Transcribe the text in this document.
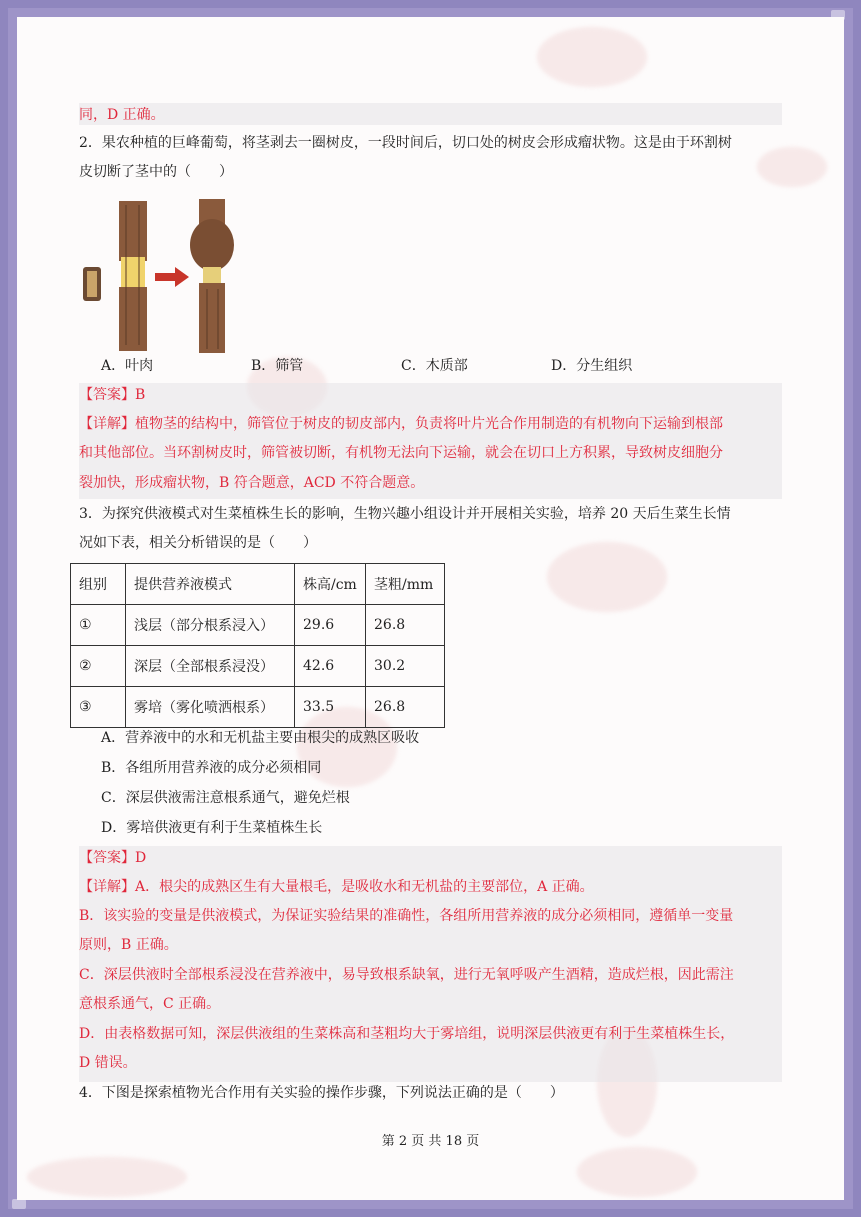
同，D 正确。
2．果农种植的巨峰葡萄，将茎剥去一圈树皮，一段时间后，切口处的树皮会形成瘤状物。这是由于环割树
皮切断了茎中的（　　）
A．叶肉	B．筛管	C．木质部	D．分生组织
【答案】B
【详解】植物茎的结构中，筛管位于树皮的韧皮部内，负责将叶片光合作用制造的有机物向下运输到根部
和其他部位。当环割树皮时，筛管被切断，有机物无法向下运输，就会在切口上方积累，导致树皮细胞分
裂加快，形成瘤状物，B 符合题意，ACD 不符合题意。
3．为探究供液模式对生菜植株生长的影响，生物兴趣小组设计并开展相关实验，培养 20 天后生菜生长情
况如下表，相关分析错误的是（　　）
组别	提供营养液模式	株高/cm	茎粗/mm
①	浅层（部分根系浸入）	29.6	26.8
②	深层（全部根系浸没）	42.6	30.2
③	雾培（雾化喷洒根系）	33.5	26.8
A．营养液中的水和无机盐主要由根尖的成熟区吸收
B．各组所用营养液的成分必须相同
C．深层供液需注意根系通气，避免烂根
D．雾培供液更有利于生菜植株生长
【答案】D
【详解】A．根尖的成熟区生有大量根毛，是吸收水和无机盐的主要部位，A 正确。
B．该实验的变量是供液模式，为保证实验结果的准确性，各组所用营养液的成分必须相同，遵循单一变量
原则，B 正确。
C．深层供液时全部根系浸没在营养液中，易导致根系缺氧，进行无氧呼吸产生酒精，造成烂根，因此需注
意根系通气，C 正确。
D．由表格数据可知，深层供液组的生菜株高和茎粗均大于雾培组，说明深层供液更有利于生菜植株生长，
D 错误。
4．下图是探索植物光合作用有关实验的操作步骤，下列说法正确的是（　　）
第 2 页 共 18 页
